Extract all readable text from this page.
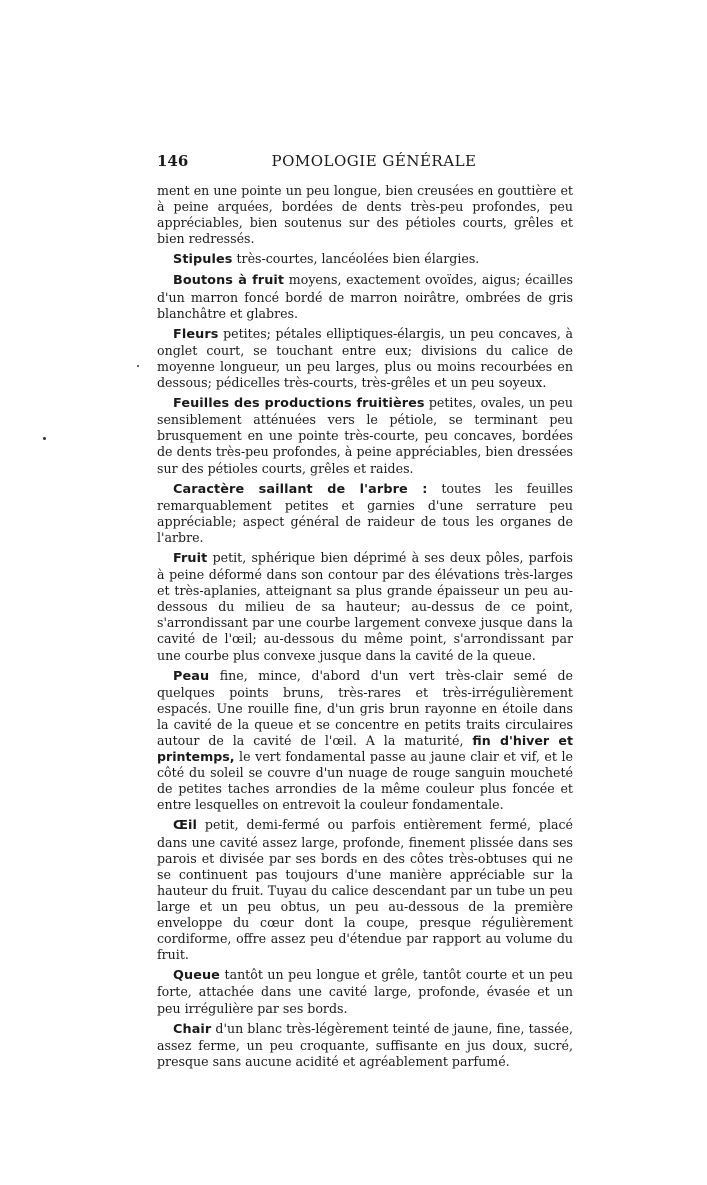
146	POMOLOGIE GÉNÉRALE

ment en une pointe un peu longue, bien creusées en gouttière et à peine arquées, bordées de dents très-peu profondes, peu appréciables, bien soutenus sur des pétioles courts, grêles et bien redressés.

Stipules très-courtes, lancéolées bien élargies.

Boutons à fruit moyens, exactement ovoïdes, aigus; écailles d'un marron foncé bordé de marron noirâtre, ombrées de gris blanchâtre et glabres.

Fleurs petites; pétales elliptiques-élargis, un peu concaves, à onglet court, se touchant entre eux; divisions du calice de moyenne longueur, un peu larges, plus ou moins recourbées en dessous; pédicelles très-courts, très-grêles et un peu soyeux.

Feuilles des productions fruitières petites, ovales, un peu sensiblement atténuées vers le pétiole, se terminant peu brusquement en une pointe très-courte, peu concaves, bordées de dents très-peu profondes, à peine appréciables, bien dressées sur des pétioles courts, grêles et raides.

Caractère saillant de l'arbre : toutes les feuilles remarquablement petites et garnies d'une serrature peu appréciable; aspect général de raideur de tous les organes de l'arbre.

Fruit petit, sphérique bien déprimé à ses deux pôles, parfois à peine déformé dans son contour par des élévations très-larges et très-aplanies, atteignant sa plus grande épaisseur un peu au-dessous du milieu de sa hauteur; au-dessus de ce point, s'arrondissant par une courbe largement convexe jusque dans la cavité de l'œil; au-dessous du même point, s'arrondissant par une courbe plus convexe jusque dans la cavité de la queue.

Peau fine, mince, d'abord d'un vert très-clair semé de quelques points bruns, très-rares et très-irrégulièrement espacés. Une rouille fine, d'un gris brun rayonne en étoile dans la cavité de la queue et se concentre en petits traits circulaires autour de la cavité de l'œil. A la maturité, fin d'hiver et printemps, le vert fondamental passe au jaune clair et vif, et le côté du soleil se couvre d'un nuage de rouge sanguin moucheté de petites taches arrondies de la même couleur plus foncée et entre lesquelles on entrevoit la couleur fondamentale.

Œil petit, demi-fermé ou parfois entièrement fermé, placé dans une cavité assez large, profonde, finement plissée dans ses parois et divisée par ses bords en des côtes très-obtuses qui ne se continuent pas toujours d'une manière appréciable sur la hauteur du fruit. Tuyau du calice descendant par un tube un peu large et un peu obtus, un peu au-dessous de la première enveloppe du cœur dont la coupe, presque régulièrement cordiforme, offre assez peu d'étendue par rapport au volume du fruit.

Queue tantôt un peu longue et grêle, tantôt courte et un peu forte, attachée dans une cavité large, profonde, évasée et un peu irrégulière par ses bords.

Chair d'un blanc très-légèrement teinté de jaune, fine, tassée, assez ferme, un peu croquante, suffisante en jus doux, sucré, presque sans aucune acidité et agréablement parfumé.
